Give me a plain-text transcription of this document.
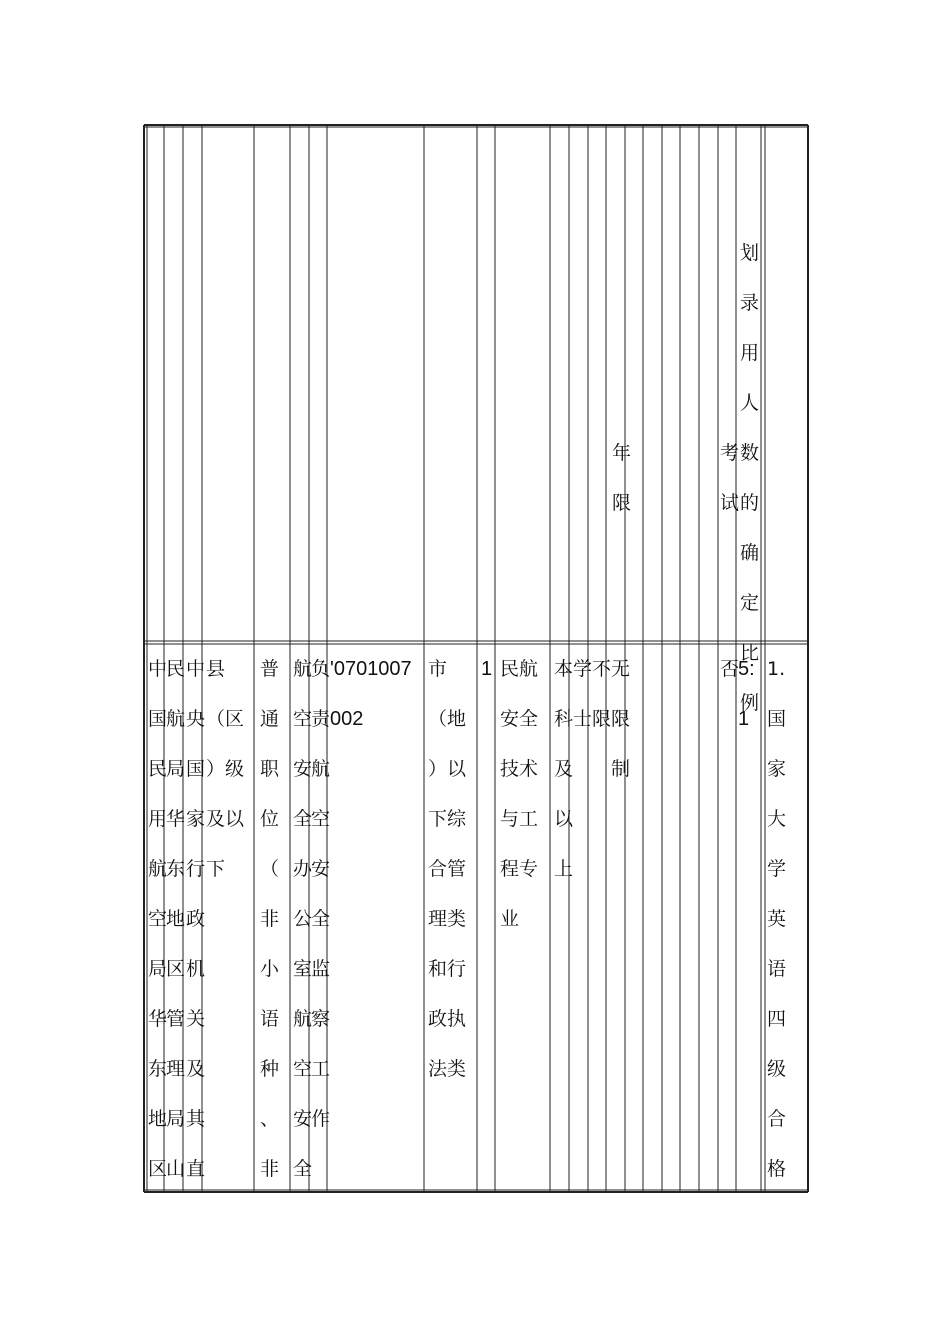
年
限

考
试

划
录
用
人
数
的
确
定
比
例
中
国
民
用
航
空
局
华
东
地
区
民
航
局
华
东
地
区
管
理
局
山
中
央
国
家
行
政
机
关
及
其
直
县
（区
）级
及以
下
普
通
职
位
（
非
小
语
种
、
非
航
空
安
全
办
公
室
航
空
安
全
负
责
航
空
安
全
监
察
工
作
'0701007
002
市
（地
）以
下综
合管
理类
和行
政执
法类
1 民航
安全
技术
与工
程专
业
本
科
及
以
上
学
士
不
限
无
限
制
否
5:
1
1.
国
家
大
学
英
语
四
级
合
格
